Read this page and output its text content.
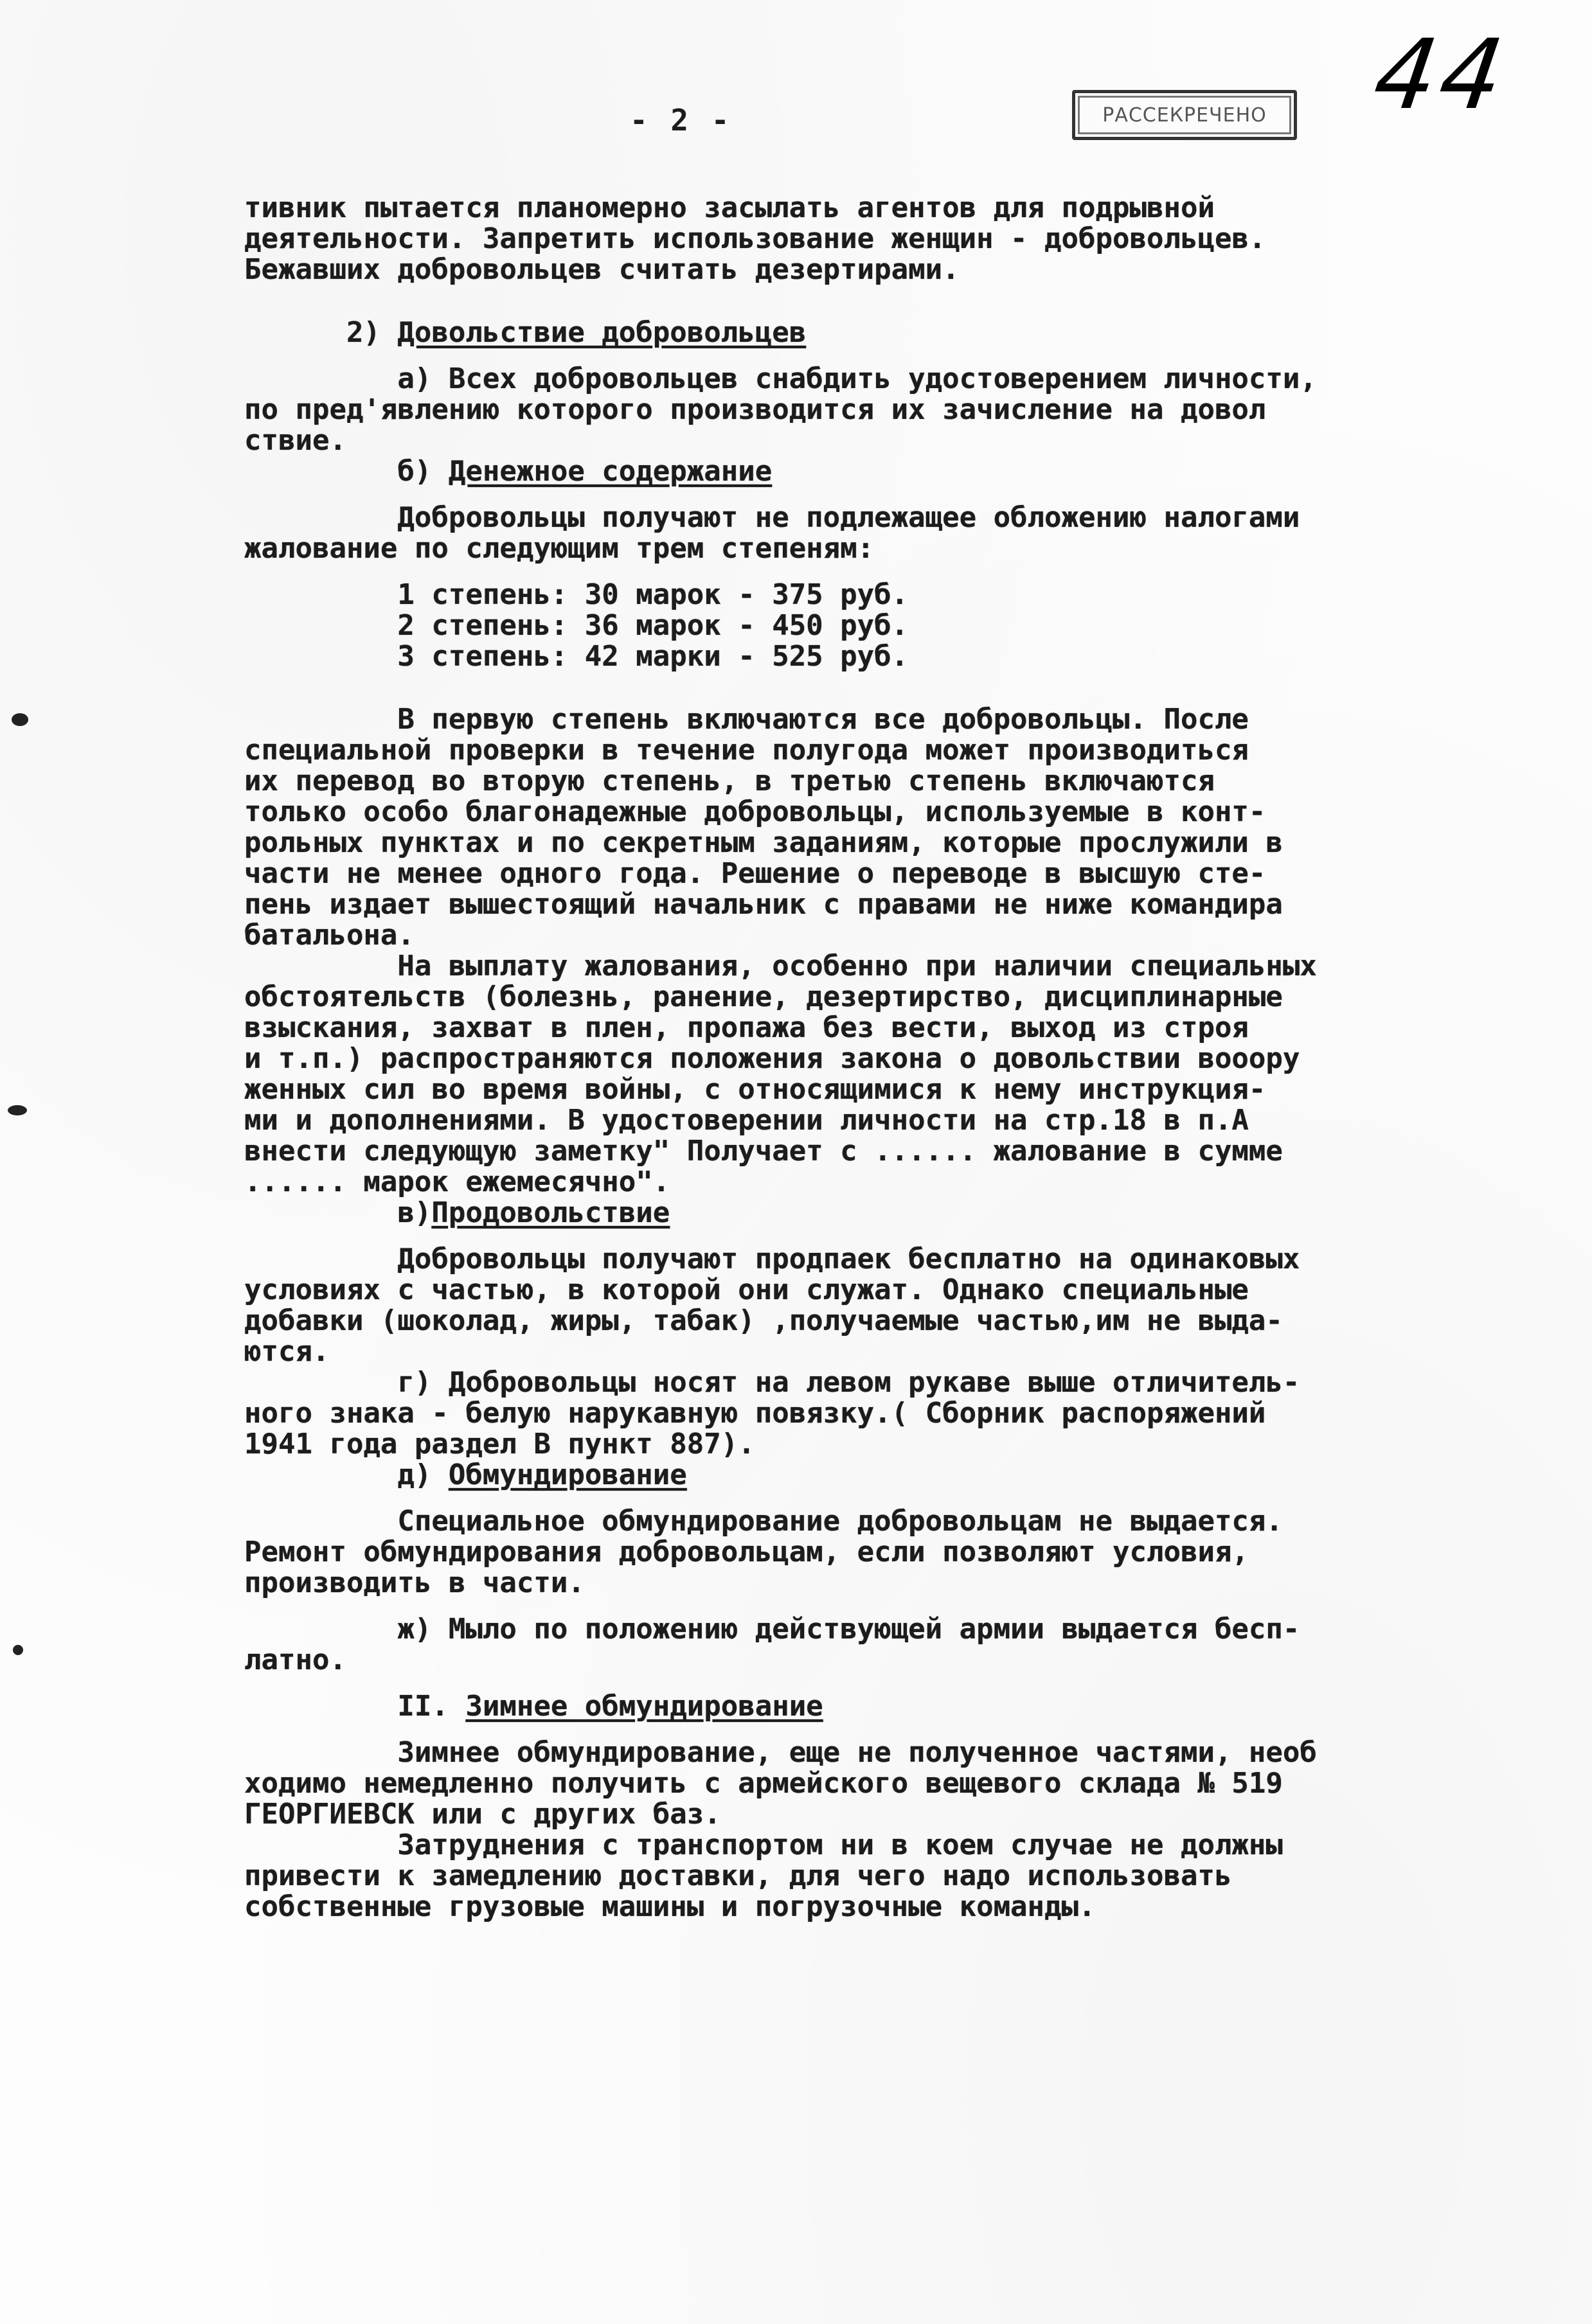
- 2 -	РАССЕКРЕЧЕНО	44
тивник пытается планомерно засылать агентов для подрывной
деятельности. Запретить использование женщин - добровольцев.
Бежавших добровольцев считать дезертирами.
2) Довольствие добровольцев
а) Всех добровольцев снабдить удостоверением личности,
по пред'явлению которого производится их зачисление на довол
ствие.
б) Денежное содержание
Добровольцы получают не подлежащее обложению налогами
жалование по следующим трем степеням:
1 степень: 30 марок - 375 руб.
2 степень: 36 марок - 450 руб.
3 степень: 42 марки - 525 руб.
В первую степень включаются все добровольцы. После
специальной проверки в течение полугода может производиться
их перевод во вторую степень, в третью степень включаются
только особо благонадежные добровольцы, используемые в конт-
рольных пунктах и по секретным заданиям, которые прослужили в
части не менее одного года. Решение о переводе в высшую сте-
пень издает вышестоящий начальник с правами не ниже командира
батальона.
На выплату жалования, особенно при наличии специальных
обстоятельств (болезнь, ранение, дезертирство, дисциплинарные
взыскания, захват в плен, пропажа без вести, выход из строя
и т.п.) распространяются положения закона о довольствии вооору
женных сил во время войны, с относящимися к нему инструкция-
ми и дополнениями. В удостоверении личности на стр.18 в п.А
внести следующую заметку" Получает с ...... жалование в сумме
...... марок ежемесячно".
в)Продовольствие
Добровольцы получают продпаек бесплатно на одинаковых
условиях с частью, в которой они служат. Однако специальные
добавки (шоколад, жиры, табак) ,получаемые частью,им не выда-
ются.
г) Добровольцы носят на левом рукаве выше отличитель-
ного знака - белую нарукавную повязку.( Сборник распоряжений
1941 года раздел В пункт 887).
д) Обмундирование
Специальное обмундирование добровольцам не выдается.
Ремонт обмундирования добровольцам, если позволяют условия,
производить в части.
ж) Мыло по положению действующей армии выдается бесп-
латно.
II. Зимнее обмундирование
Зимнее обмундирование, еще не полученное частями, необ
ходимо немедленно получить с армейского вещевого склада № 519
ГЕОРГИЕВСК или с других баз.
Затруднения с транспортом ни в коем случае не должны
привести к замедлению доставки, для чего надо использовать
собственные грузовые машины и погрузочные команды.
